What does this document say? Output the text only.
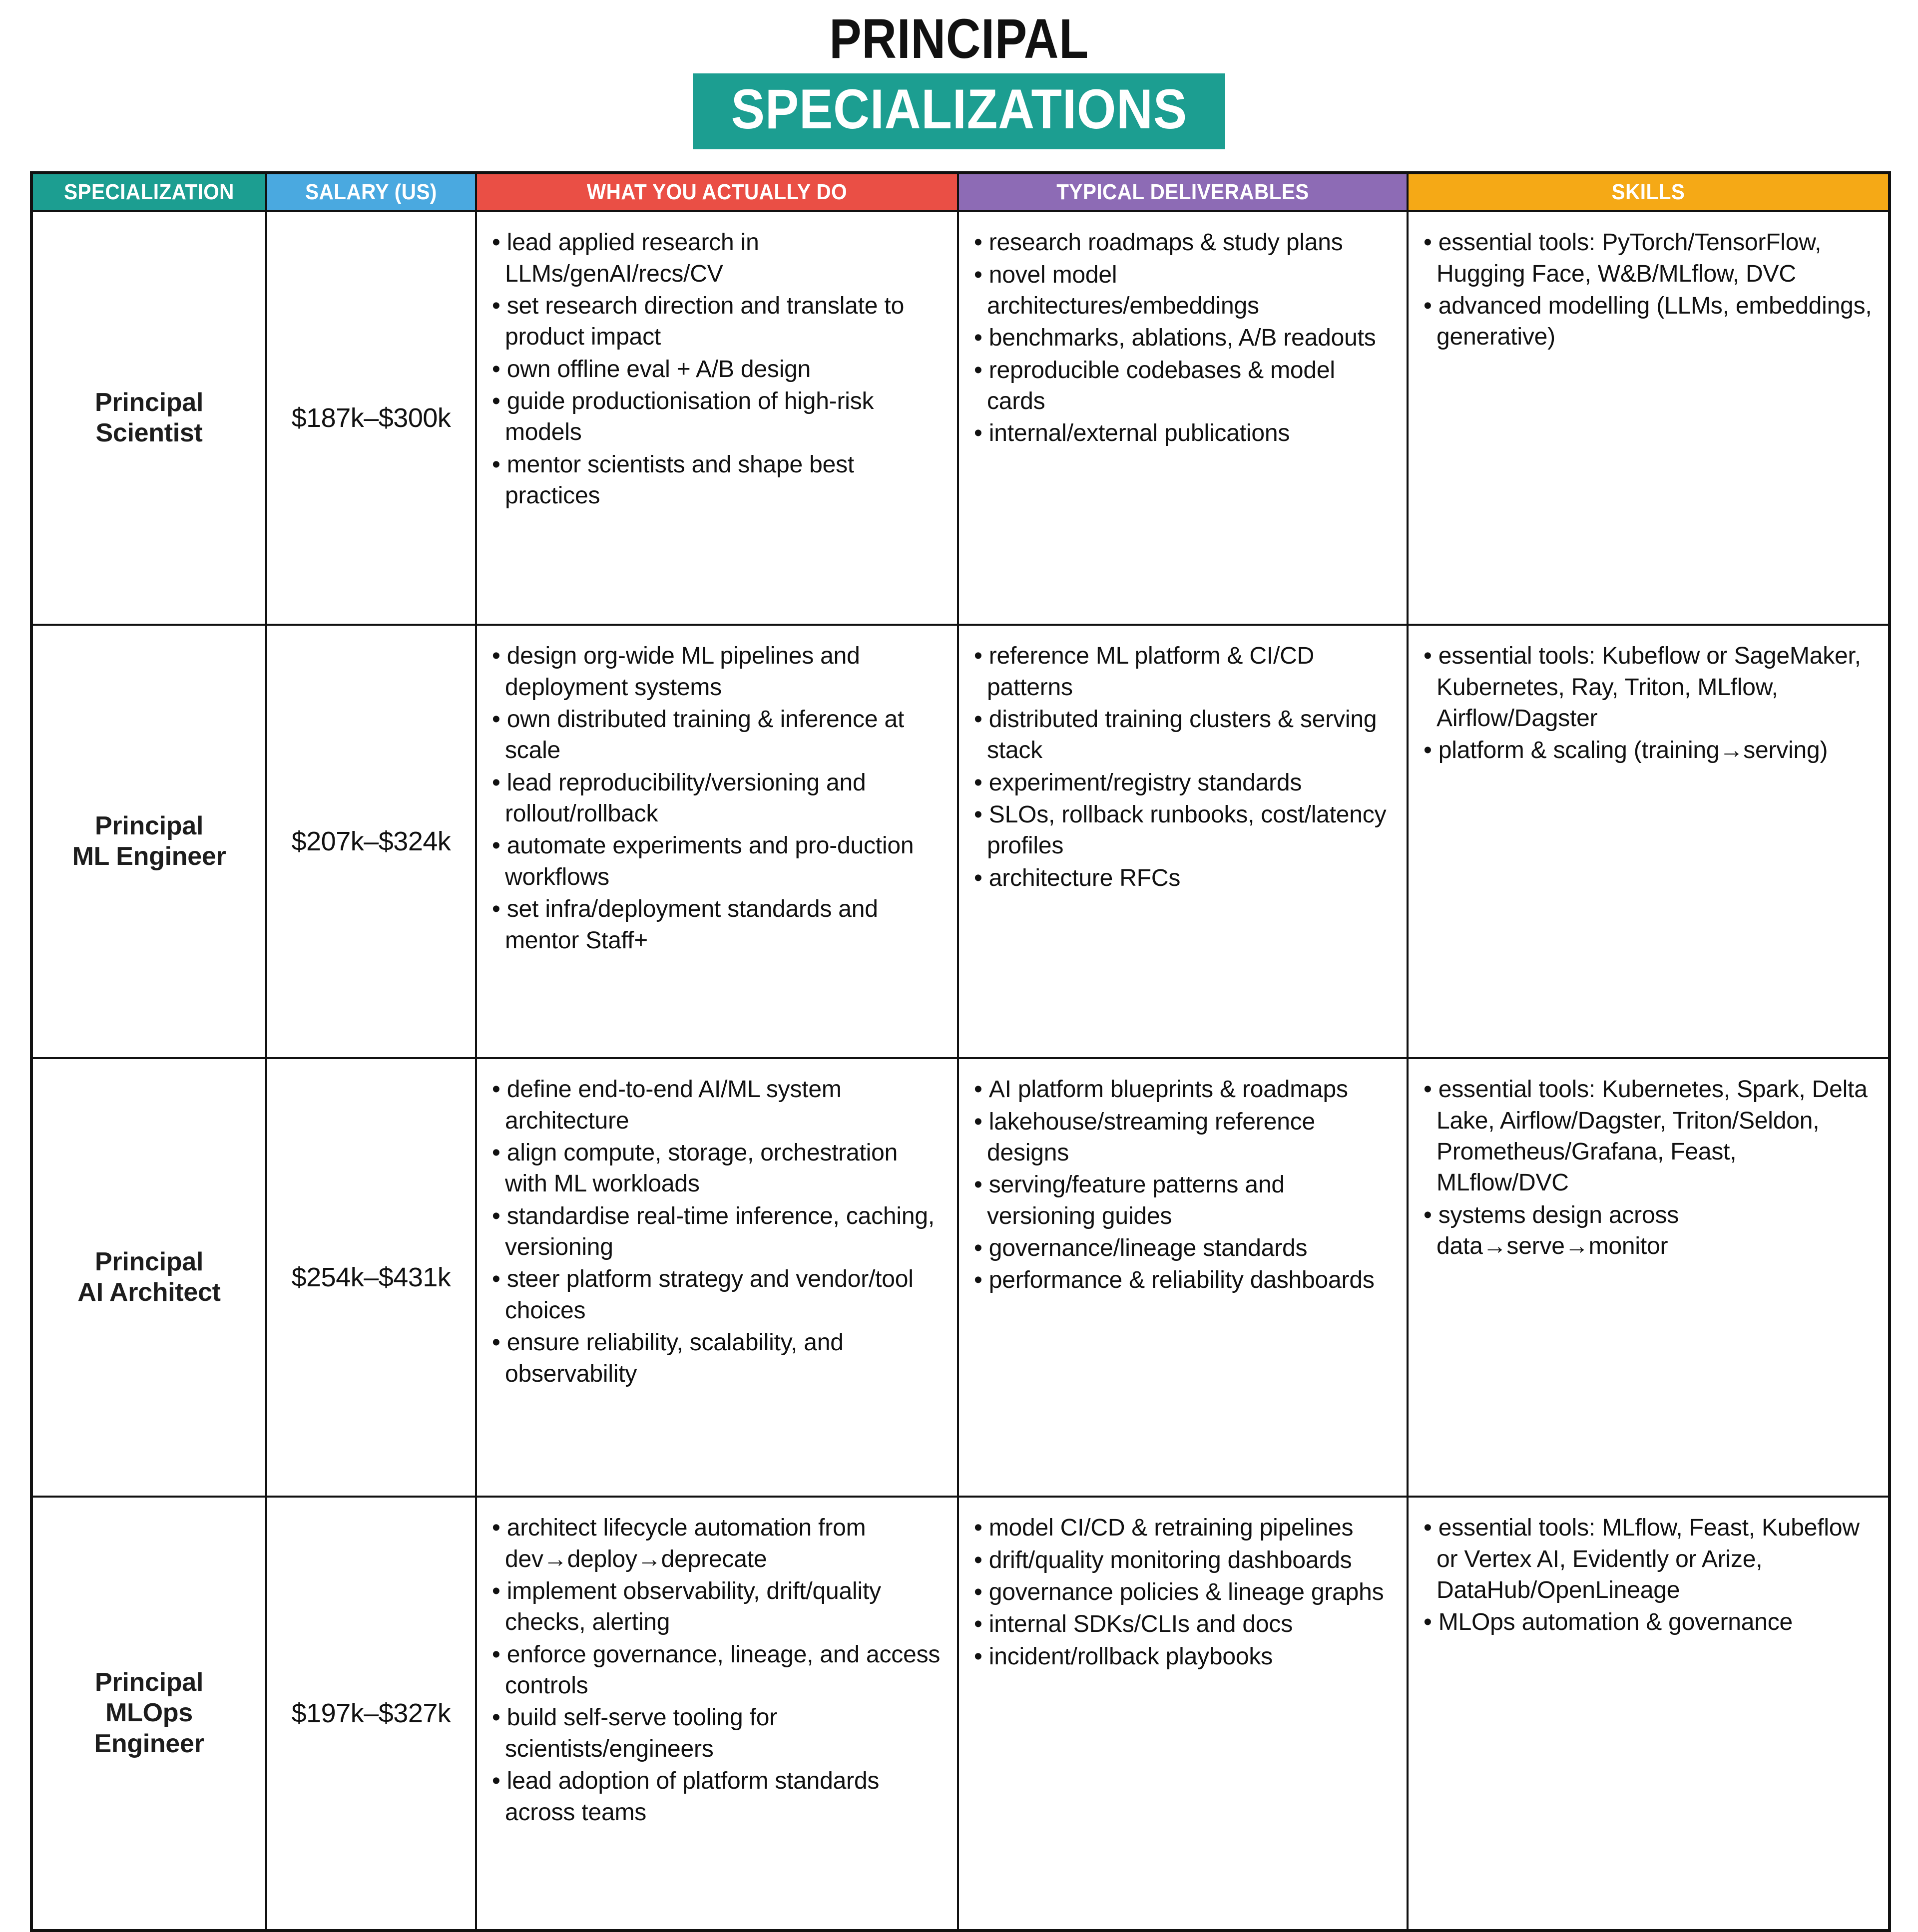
PRINCIPAL
SPECIALIZATIONS
SPECIALIZATION	SALARY (US)	WHAT YOU ACTUALLY DO	TYPICAL DELIVERABLES	SKILLS

Principal
Scientist	$187k–$300k	
• lead applied research in LLMs/genAI/recs/CV
• set research direction and translate to product impact
• own offline eval + A/B design
• guide productionisation of high-risk models
• mentor scientists and shape best practices

• research roadmaps & study plans
• novel model architectures/embeddings
• benchmarks, ablations, A/B readouts
• reproducible codebases & model cards
• internal/external publications

• essential tools: PyTorch/TensorFlow, Hugging Face, W&B/MLflow, DVC
• advanced modelling (LLMs, embeddings, generative)

Principal
ML Engineer	$207k–$324k	
• design org-wide ML pipelines and deployment systems
• own distributed training & inference at scale
• lead reproducibility/versioning and rollout/rollback
• automate experiments and pro-duction workflows
• set infra/deployment standards and mentor Staff+

• reference ML platform & CI/CD patterns
• distributed training clusters & serving stack
• experiment/registry standards
• SLOs, rollback runbooks, cost/latency profiles
• architecture RFCs

• essential tools: Kubeflow or SageMaker, Kubernetes, Ray, Triton, MLflow, Airflow/Dagster
• platform & scaling (training→serving)

Principal
AI Architect	$254k–$431k	
• define end-to-end AI/ML system architecture
• align compute, storage, orchestration with ML workloads
• standardise real-time inference, caching, versioning
• steer platform strategy and vendor/tool choices
• ensure reliability, scalability, and observability

• AI platform blueprints & roadmaps
• lakehouse/streaming reference designs
• serving/feature patterns and versioning guides
• governance/lineage standards
• performance & reliability dashboards

• essential tools: Kubernetes, Spark, Delta Lake, Airflow/Dagster, Triton/Seldon, Prometheus/Grafana, Feast, MLflow/DVC
• systems design across data→serve→monitor

Principal
MLOps
Engineer	$197k–$327k	
• architect lifecycle automation from dev→deploy→deprecate
• implement observability, drift/quality checks, alerting
• enforce governance, lineage, and access controls
• build self-serve tooling for scientists/engineers
• lead adoption of platform standards across teams

• model CI/CD & retraining pipelines
• drift/quality monitoring dashboards
• governance policies & lineage graphs
• internal SDKs/CLIs and docs
• incident/rollback playbooks

• essential tools: MLflow, Feast, Kubeflow or Vertex AI, Evidently or Arize, DataHub/OpenLineage
• MLOps automation & governance
